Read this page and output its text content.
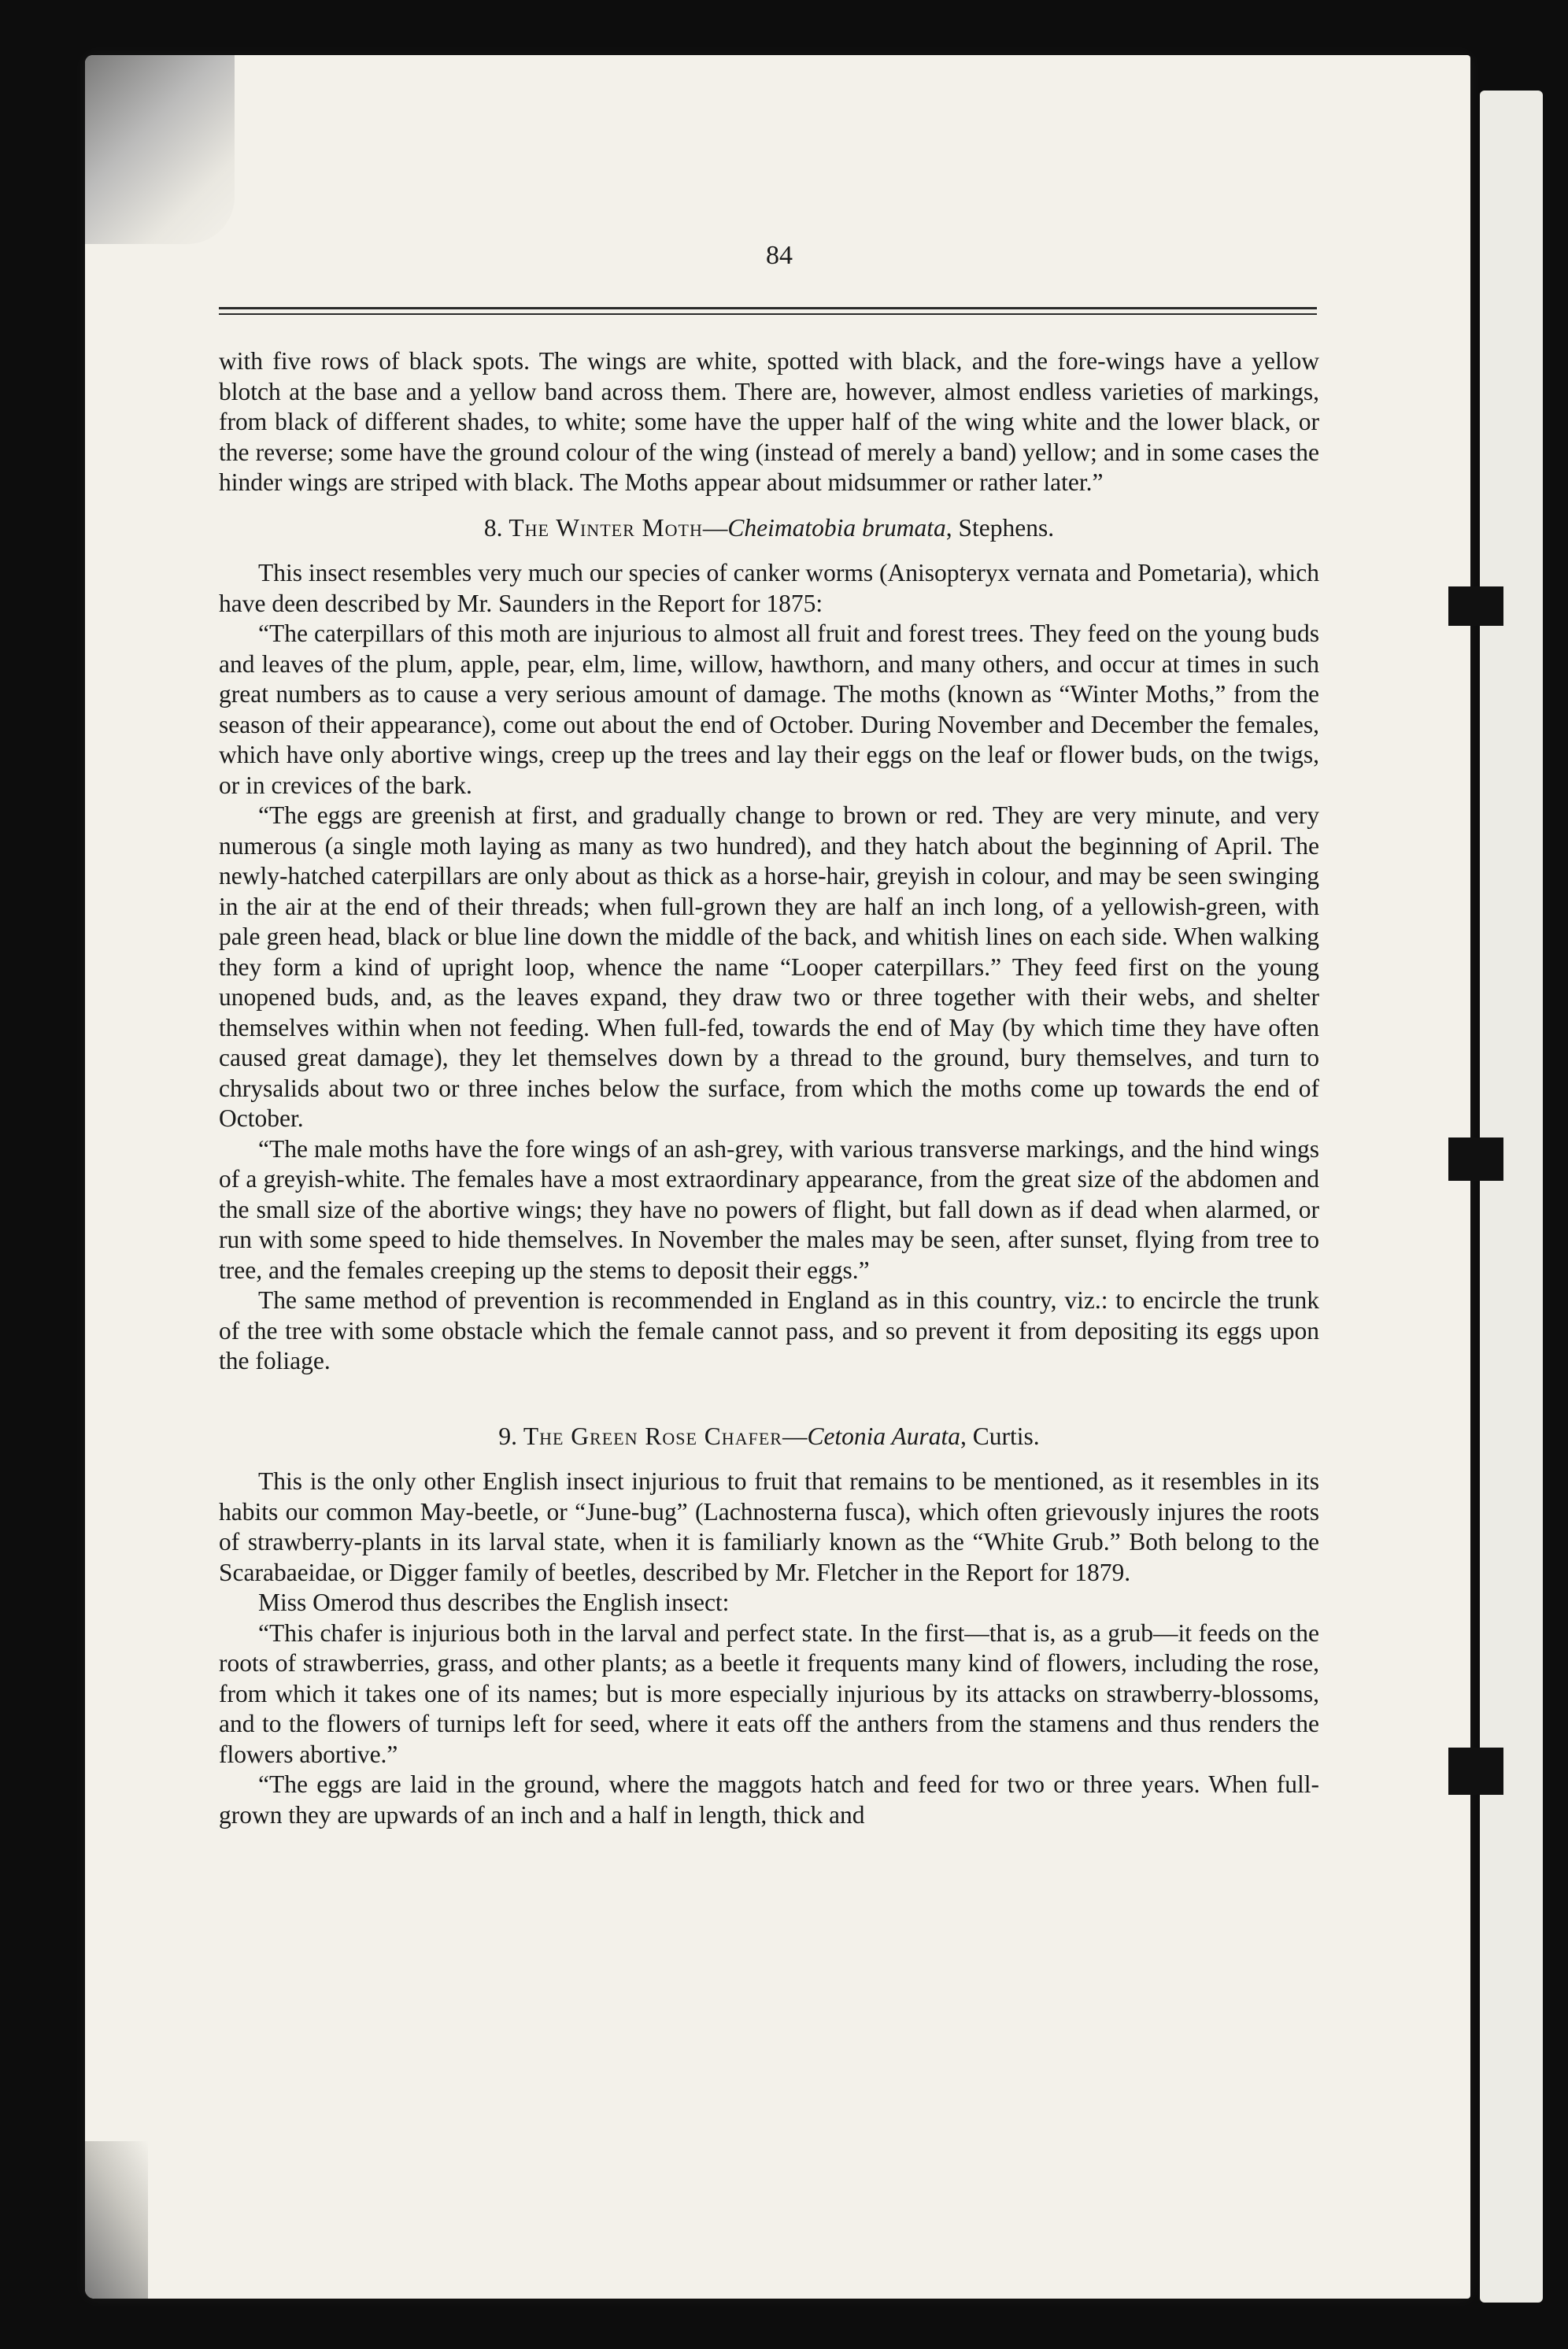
84

with five rows of black spots. The wings are white, spotted with black, and the fore-wings have a yellow blotch at the base and a yellow band across them. There are, however, almost endless varieties of markings, from black of different shades, to white; some have the upper half of the wing white and the lower black, or the reverse; some have the ground colour of the wing (instead of merely a band) yellow; and in some cases the hinder wings are striped with black. The Moths appear about midsummer or rather later.”

8. The Winter Moth—Cheimatobia brumata, Stephens.

This insect resembles very much our species of canker worms (Anisopteryx vernata and Pometaria), which have deen described by Mr. Saunders in the Report for 1875:

“The caterpillars of this moth are injurious to almost all fruit and forest trees. They feed on the young buds and leaves of the plum, apple, pear, elm, lime, willow, hawthorn, and many others, and occur at times in such great numbers as to cause a very serious amount of damage. The moths (known as “Winter Moths,” from the season of their appearance), come out about the end of October. During November and December the females, which have only abortive wings, creep up the trees and lay their eggs on the leaf or flower buds, on the twigs, or in crevices of the bark.

“The eggs are greenish at first, and gradually change to brown or red. They are very minute, and very numerous (a single moth laying as many as two hundred), and they hatch about the beginning of April. The newly-hatched caterpillars are only about as thick as a horse-hair, greyish in colour, and may be seen swinging in the air at the end of their threads; when full-grown they are half an inch long, of a yellowish-green, with pale green head, black or blue line down the middle of the back, and whitish lines on each side. When walking they form a kind of upright loop, whence the name “Looper caterpillars.” They feed first on the young unopened buds, and, as the leaves expand, they draw two or three together with their webs, and shelter themselves within when not feeding. When full-fed, towards the end of May (by which time they have often caused great damage), they let themselves down by a thread to the ground, bury themselves, and turn to chrysalids about two or three inches below the surface, from which the moths come up towards the end of October.

“The male moths have the fore wings of an ash-grey, with various transverse markings, and the hind wings of a greyish-white. The females have a most extraordinary appearance, from the great size of the abdomen and the small size of the abortive wings; they have no powers of flight, but fall down as if dead when alarmed, or run with some speed to hide themselves. In November the males may be seen, after sunset, flying from tree to tree, and the females creeping up the stems to deposit their eggs.”

The same method of prevention is recommended in England as in this country, viz.: to encircle the trunk of the tree with some obstacle which the female cannot pass, and so prevent it from depositing its eggs upon the foliage.

9. The Green Rose Chafer—Cetonia Aurata, Curtis.

This is the only other English insect injurious to fruit that remains to be mentioned, as it resembles in its habits our common May-beetle, or “June-bug” (Lachnosterna fusca), which often grievously injures the roots of strawberry-plants in its larval state, when it is familiarly known as the “White Grub.” Both belong to the Scarabaeidae, or Digger family of beetles, described by Mr. Fletcher in the Report for 1879.

Miss Omerod thus describes the English insect:

“This chafer is injurious both in the larval and perfect state. In the first—that is, as a grub—it feeds on the roots of strawberries, grass, and other plants; as a beetle it frequents many kind of flowers, including the rose, from which it takes one of its names; but is more especially injurious by its attacks on strawberry-blossoms, and to the flowers of turnips left for seed, where it eats off the anthers from the stamens and thus renders the flowers abortive.”

“The eggs are laid in the ground, where the maggots hatch and feed for two or three years. When full-grown they are upwards of an inch and a half in length, thick and
